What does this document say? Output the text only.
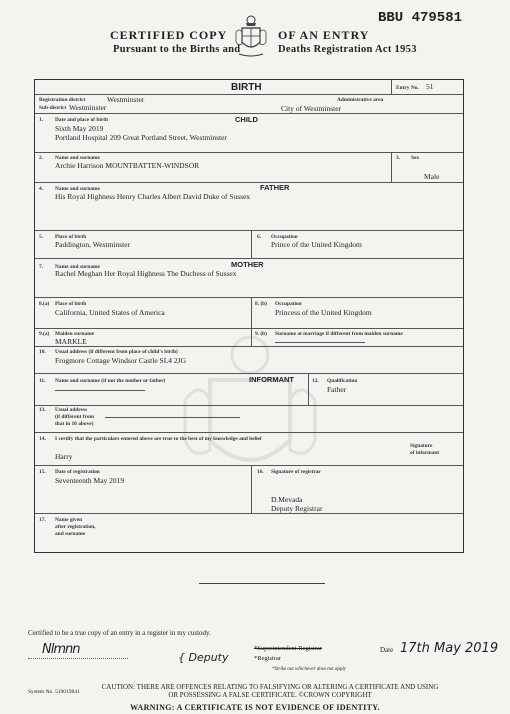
CERTIFIED COPY	OF AN ENTRY
Pursuant to the Births and	Deaths Registration Act 1953
BBU 479581
BIRTH	Entry No. 51
Registration district	Westminster	Administrative area
Sub-district Westminster	City of Westminster
CHILD
1. Date and place of birth
Sixth May 2019
Portland Hospital 209 Great Portland Street, Westminster
2. Name and surname
Archie Harrison MOUNTBATTEN-WINDSOR
3. Sex
Male
FATHER
4. Name and surname
His Royal Highness Henry Charles Albert David Duke of Sussex
5. Place of birth
Paddington, Westminster
6. Occupation
Prince of the United Kingdom
MOTHER
7. Name and surname
Rachel Meghan Her Royal Highness The Duchess of Sussex
8.(a) Place of birth
California, United States of America
8. (b) Occupation
Princess of the United Kingdom
9.(a) Maiden surname
MARKLE
9. (b) Surname at marriage if different from maiden surname
10. Usual address (if different from place of child's birth)
Frogmore Cottage Windsor Castle SL4 2JG
INFORMANT
11. Name and surname (if not the mother or father)	12. Qualification
Father
13. Usual address
(if different from
that in 10 above)
14. I certify that the particulars entered above are true to the best of my knowledge and belief
Harry
Signature
of informant
15. Date of registration
Seventeenth May 2019
16. Signature of registrar
D.Mevada
Deputy Registrar
17. Name given
after registration,
and surname
Certified to be a true copy of an entry in a register in my custody.
Nlmnn
{ Deputy
*Superintendent Registrar
*Registrar
*Strike out whichever does not apply
Date 17th May 2019
System No. 519019841
CAUTION: THERE ARE OFFENCES RELATING TO FALSIFYING OR ALTERING A CERTIFICATE AND USING
OR POSSESSING A FALSE CERTIFICATE. ©CROWN COPYRIGHT
WARNING: A CERTIFICATE IS NOT EVIDENCE OF IDENTITY.
